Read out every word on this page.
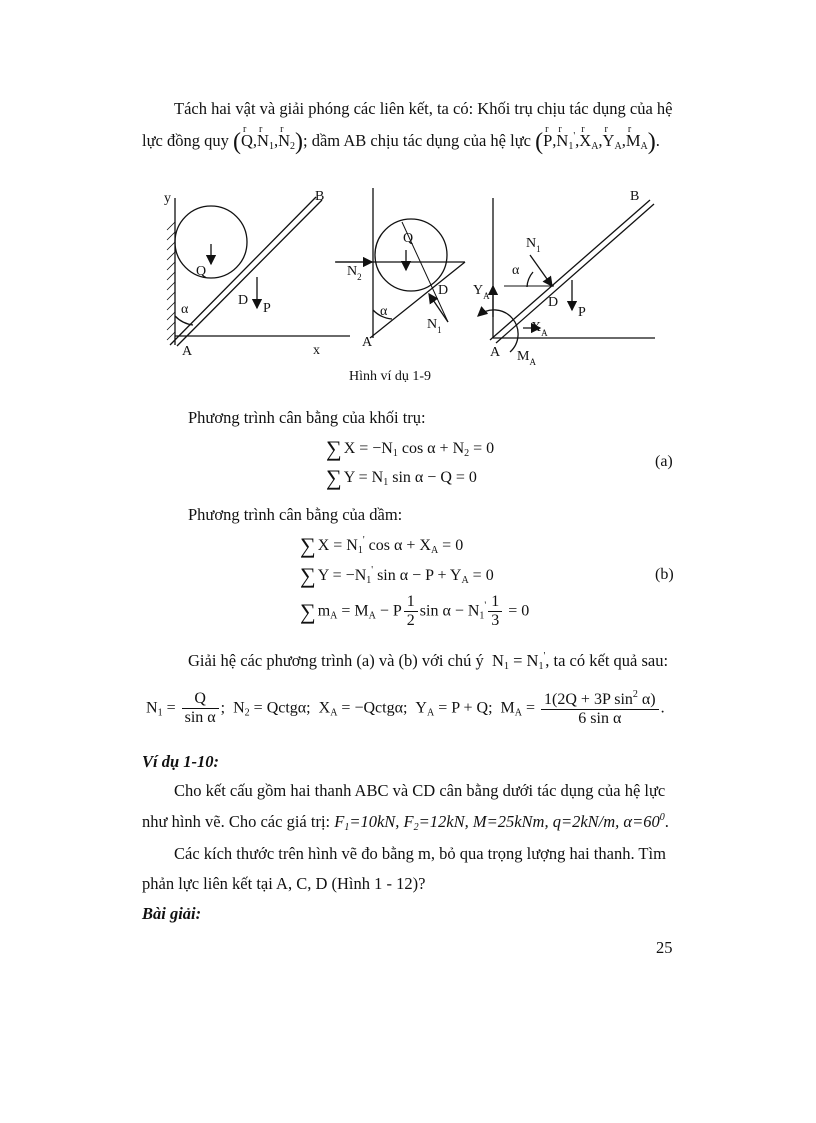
Tách hai vật và giải phóng các liên kết, ta có: Khối trụ chịu tác dụng của hệ
lực đồng quy (r Q,r $N_1,r$ $N_2$); dầm AB chịu tác dụng của hệ lực (r P,r $N_1',r$ $X_A,r$ $Y_A,r$ $M_A$).
y	B
Q
D
P
α
A	x
Q
$N_2$
D
$N_1$
α
A
B
$N_1$
α
$Y_A$	D
P
$X_A$
A $M_A$
Hình ví dụ 1-9
Phương trình cân bằng của khối trụ:
∑ $X = -N_1$ $\cos \alpha + N_2 = 0$
∑ $Y = N_1$ sin α − Q = 0
(a)
Phương trình cân bằng của dầm:
∑ $X = N_1'$ $\cos \alpha + X_A = 0$
∑ $Y = -N_1'$ $\sin \alpha - P + Y_A = 0$
∑ $m_A = M_A - P \frac{1}{2}$ $\sin \alpha - N_1' \frac{1}{3} = 0$
(b)
Giải hệ các phương trình (a) và (b) với chú ý  $N_1 = N_1'$, ta có kết quả sau:
$N_1 = \frac{Q}{\text{sin α}}$ ;  $N_2$ = Qctgα;  $X_A$ = −Qctgα;  $Y_A = P + Q$;  $M_A = \frac{1(2Q + 3P \sin^2 \alpha)}{\text{6 sin α}}$ .
Ví dụ 1-10:
Cho kết cấu gồm hai thanh ABC và CD cân bằng dưới tác dụng của hệ lực
như hình vẽ. Cho các giá trị: $F_1=10kN$, $F_2=12kN$, M=25kNm, q=2kN/m, $\alpha=60^0$.
Các kích thước trên hình vẽ đo bằng m, bỏ qua trọng lượng hai thanh. Tìm
phản lực liên kết tại A, C, D (Hình 1 - 12)?
Bài giải:
25
